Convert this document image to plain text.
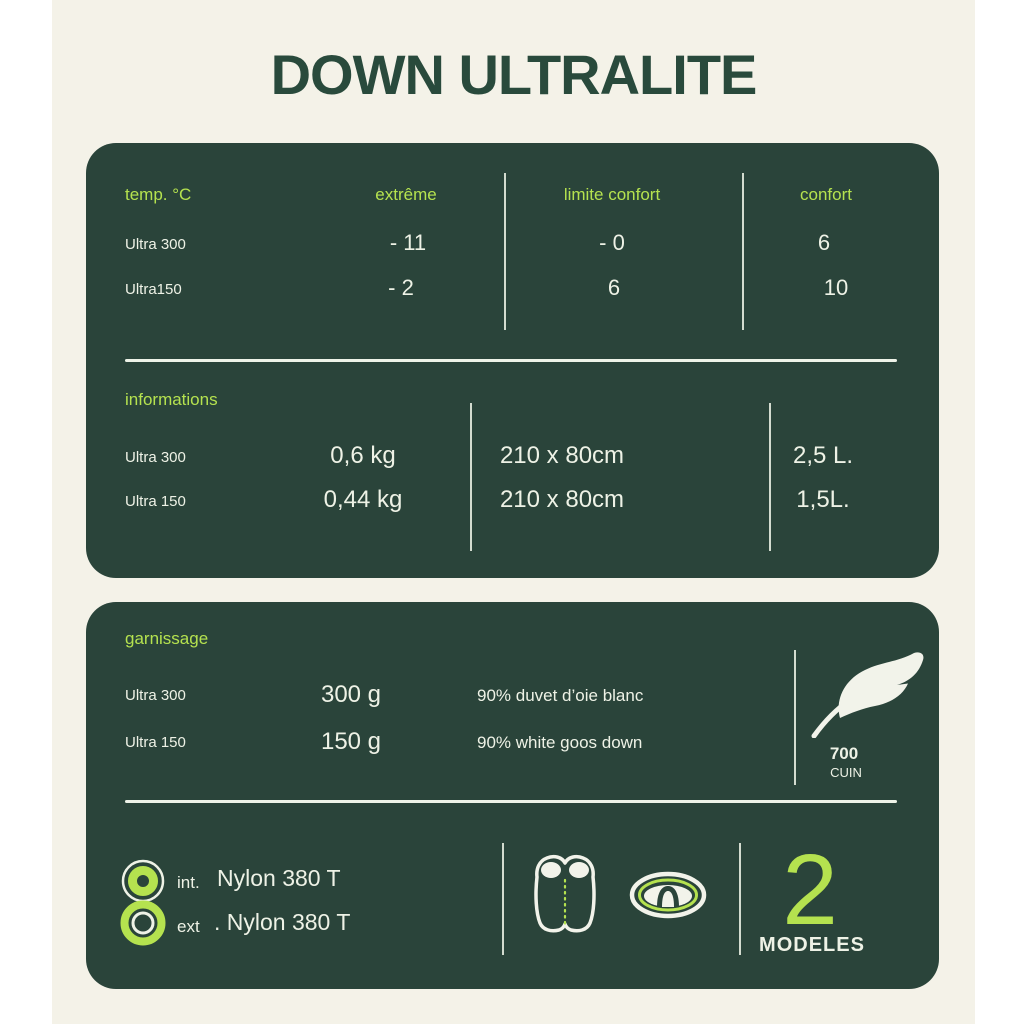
DOWN ULTRALITE
temp. °C	extrême	limite confort	confort
Ultra 300	- 11	- 0	6
Ultra150	- 2	6	10
informations
Ultra 300	0,6 kg	210 x 80cm	2,5 L.
Ultra 150	0,44 kg	210 x 80cm	1,5L.
garnissage
Ultra 300	300 g	90% duvet d’oie blanc
Ultra 150	150 g	90% white goos down
700
CUIN
int. Nylon 380 T
ext . Nylon 380 T	2
MODELES
